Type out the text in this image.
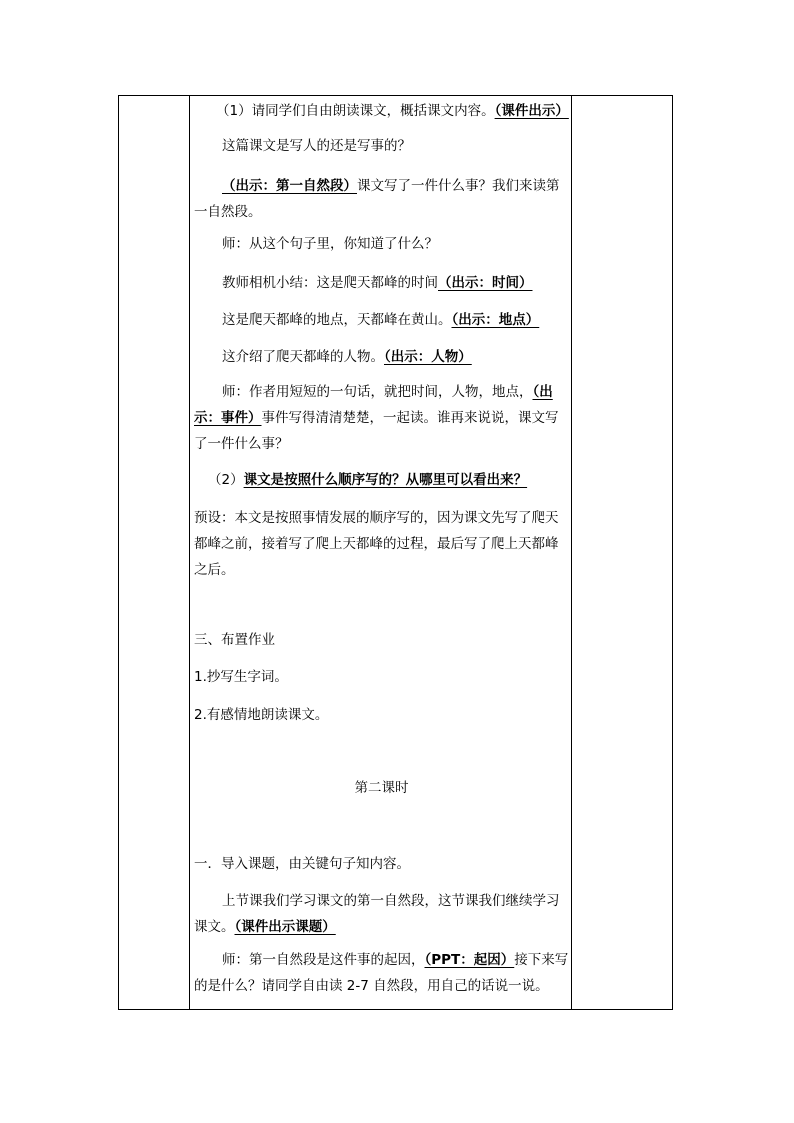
（1）请同学们自由朗读课文，概括课文内容。（课件出示）

这篇课文是写人的还是写事的？

（出示：第一自然段）课文写了一件什么事？我们来读第一自然段。

师：从这个句子里，你知道了什么？

教师相机小结：这是爬天都峰的时间（出示：时间）

这是爬天都峰的地点，天都峰在黄山。（出示：地点）

这介绍了爬天都峰的人物。（出示：人物）

师：作者用短短的一句话，就把时间，人物，地点，（出示：事件）事件写得清清楚楚，一起读。谁再来说说，课文写了一件什么事？

（2）课文是按照什么顺序写的？从哪里可以看出来？

预设：本文是按照事情发展的顺序写的，因为课文先写了爬天都峰之前，接着写了爬上天都峰的过程，最后写了爬上天都峰之后。

三、布置作业

1.抄写生字词。

2.有感情地朗读课文。

第二课时

一．导入课题，由关键句子知内容。

上节课我们学习课文的第一自然段，这节课我们继续学习课文。（课件出示课题）

师：第一自然段是这件事的起因，（PPT：起因）接下来写的是什么？请同学自由读 2-7 自然段，用自己的话说一说。
